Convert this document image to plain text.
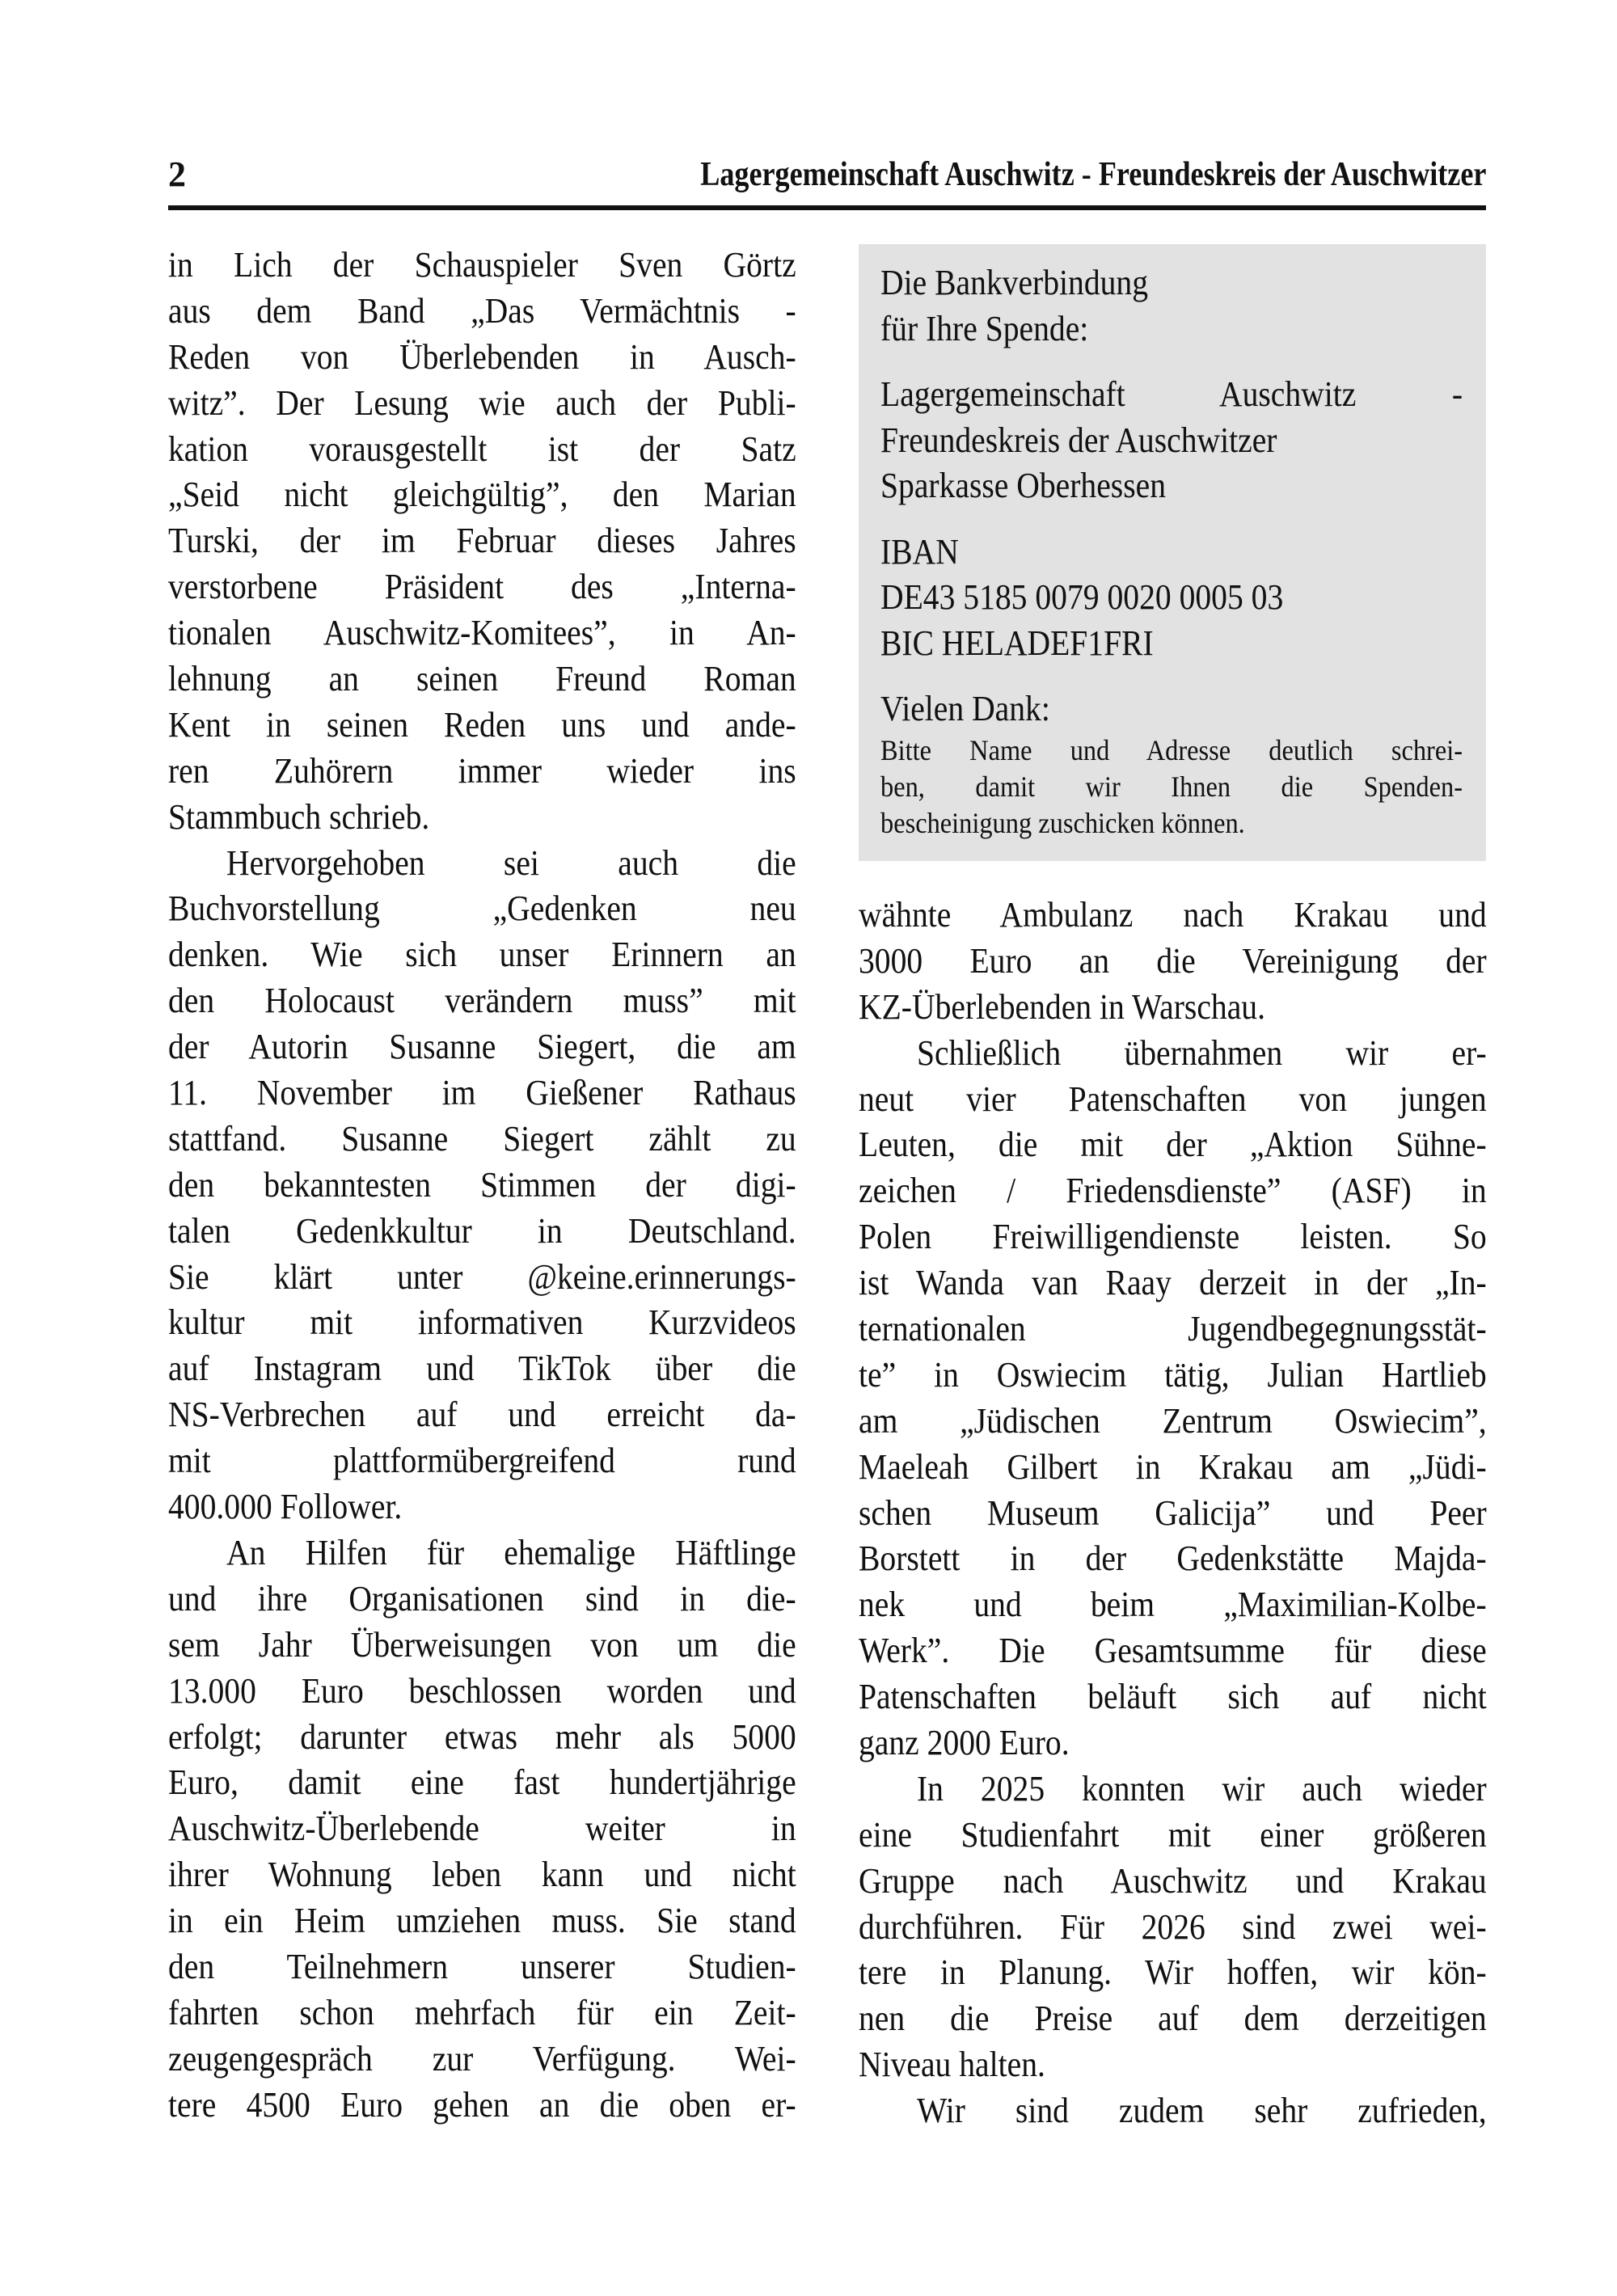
2	Lagergemeinschaft Auschwitz - Freundeskreis der Auschwitzer
in Lich der Schauspieler Sven Görtz
aus dem Band „Das Vermächtnis -
Reden von Überlebenden in Ausch-
witz”. Der Lesung wie auch der Publi-
kation vorausgestellt ist der Satz
„Seid nicht gleichgültig”, den Marian
Turski, der im Februar dieses Jahres
verstorbene Präsident des „Interna-
tionalen Auschwitz-Komitees”, in An-
lehnung an seinen Freund Roman
Kent in seinen Reden uns und ande-
ren Zuhörern immer wieder ins
Stammbuch schrieb.
Hervorgehoben sei auch die
Buchvorstellung „Gedenken neu
denken. Wie sich unser Erinnern an
den Holocaust verändern muss” mit
der Autorin Susanne Siegert, die am
11. November im Gießener Rathaus
stattfand. Susanne Siegert zählt zu
den bekanntesten Stimmen der digi-
talen Gedenkkultur in Deutschland.
Sie klärt unter @keine.erinnerungs-
kultur mit informativen Kurzvideos
auf Instagram und TikTok über die
NS-Verbrechen auf und erreicht da-
mit plattformübergreifend rund
400.000 Follower.
An Hilfen für ehemalige Häftlinge
und ihre Organisationen sind in die-
sem Jahr Überweisungen von um die
13.000 Euro beschlossen worden und
erfolgt; darunter etwas mehr als 5000
Euro, damit eine fast hundertjährige
Auschwitz-Überlebende weiter in
ihrer Wohnung leben kann und nicht
in ein Heim umziehen muss. Sie stand
den Teilnehmern unserer Studien-
fahrten schon mehrfach für ein Zeit-
zeugengespräch zur Verfügung. Wei-
tere 4500 Euro gehen an die oben er-
Die Bankverbindung
für Ihre Spende:
Lagergemeinschaft Auschwitz -
Freundeskreis der Auschwitzer
Sparkasse Oberhessen
IBAN
DE43 5185 0079 0020 0005 03
BIC HELADEF1FRI
Vielen Dank:
Bitte Name und Adresse deutlich schrei-
ben, damit wir Ihnen die Spenden-
bescheinigung zuschicken können.
wähnte Ambulanz nach Krakau und
3000 Euro an die Vereinigung der
KZ-Überlebenden in Warschau.
Schließlich übernahmen wir er-
neut vier Patenschaften von jungen
Leuten, die mit der „Aktion Sühne-
zeichen / Friedensdienste” (ASF) in
Polen Freiwilligendienste leisten. So
ist Wanda van Raay derzeit in der „In-
ternationalen Jugendbegegnungsstät-
te” in Oswiecim tätig, Julian Hartlieb
am „Jüdischen Zentrum Oswiecim”,
Maeleah Gilbert in Krakau am „Jüdi-
schen Museum Galicija” und Peer
Borstett in der Gedenkstätte Majda-
nek und beim „Maximilian-Kolbe-
Werk”. Die Gesamtsumme für diese
Patenschaften beläuft sich auf nicht
ganz 2000 Euro.
In 2025 konnten wir auch wieder
eine Studienfahrt mit einer größeren
Gruppe nach Auschwitz und Krakau
durchführen. Für 2026 sind zwei wei-
tere in Planung. Wir hoffen, wir kön-
nen die Preise auf dem derzeitigen
Niveau halten.
Wir sind zudem sehr zufrieden,
